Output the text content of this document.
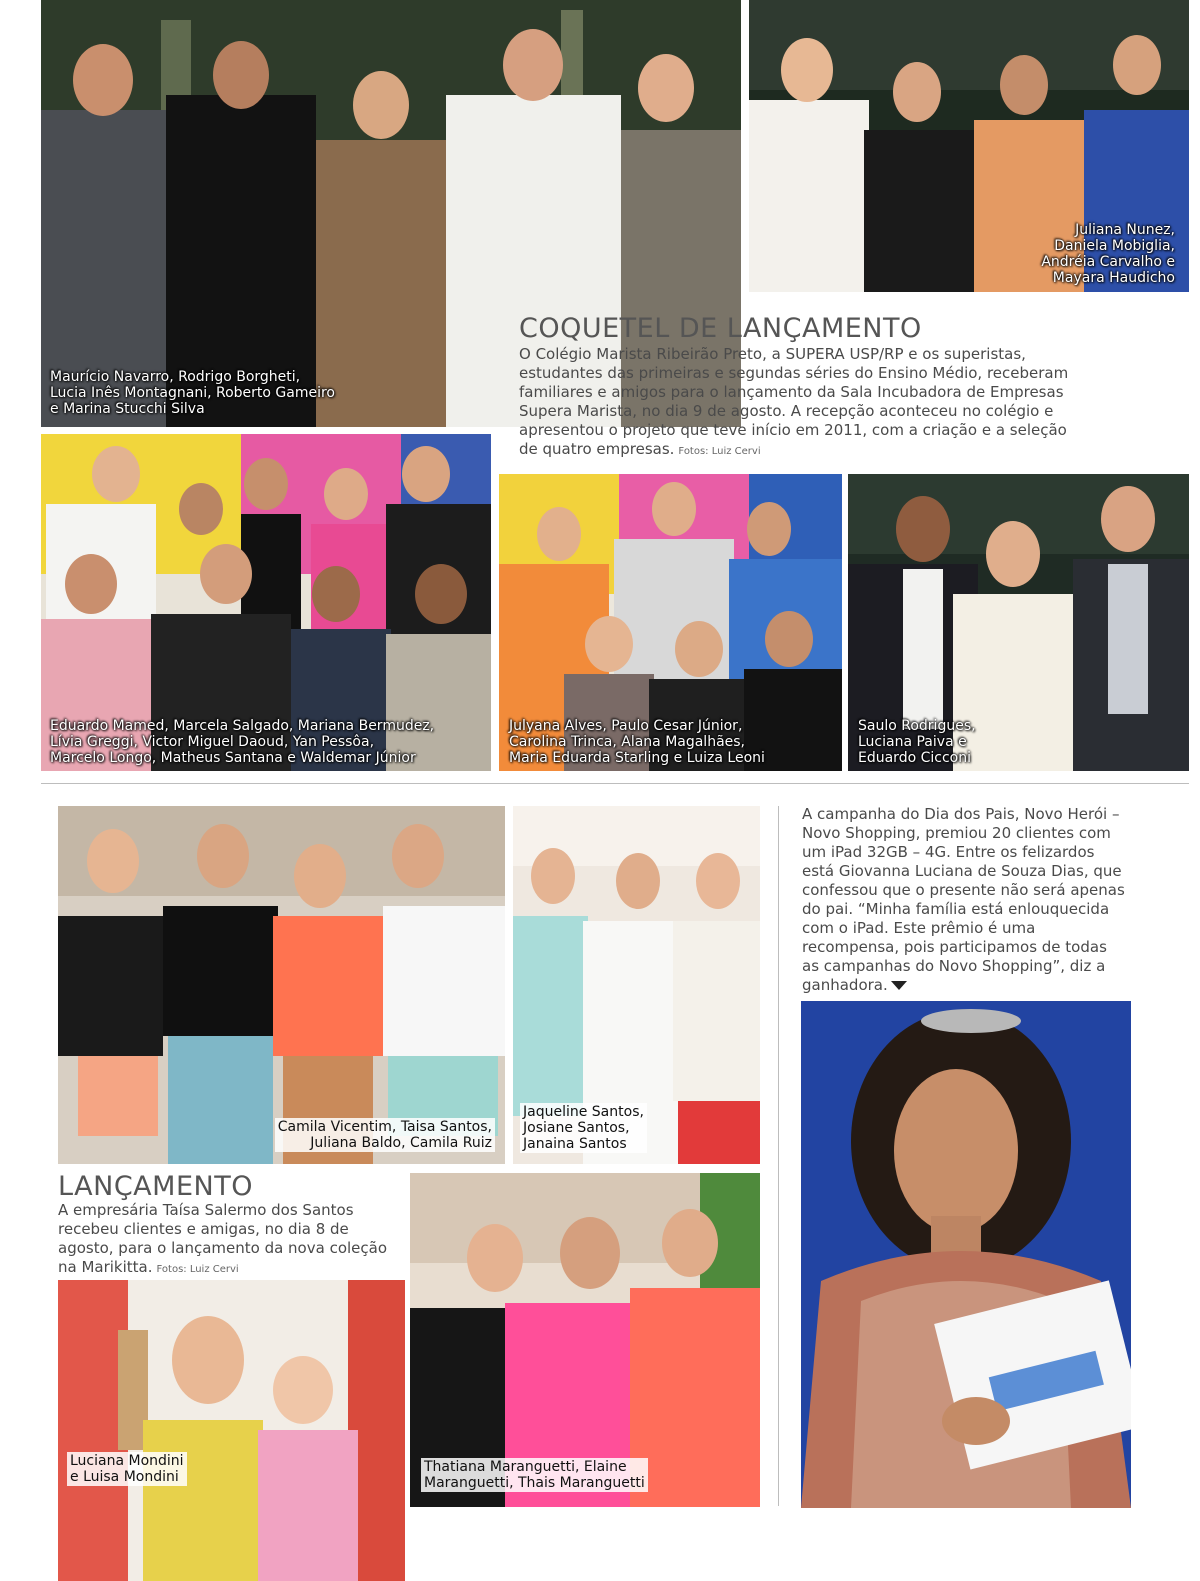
Maurício Navarro, Rodrigo Borgheti,
Lucia Inês Montagnani, Roberto Gameiro
e Marina Stucchi Silva
Juliana Nunez,
Daniela Mobiglia,
Andréia Carvalho e
Mayara Haudicho
COQUETEL DE LANÇAMENTO

O Colégio Marista Ribeirão Preto, a SUPERA USP/RP e os superistas, estudantes das primeiras e segundas séries do Ensino Médio, receberam familiares e amigos para o lançamento da Sala Incubadora de Empresas Supera Marista, no dia 9 de agosto. A recepção aconteceu no colégio e apresentou o projeto que teve início em 2011, com a criação e a seleção de quatro empresas. Fotos: Luiz Cervi

Eduardo Mamed, Marcela Salgado, Mariana Bermudez,
Lívia Greggi, Victor Miguel Daoud, Yan Pessôa,
Marcelo Longo, Matheus Santana e Waldemar Júnior
Julyana Alves, Paulo Cesar Júnior,
Carolina Trinca, Alana Magalhães,
Maria Eduarda Starling e Luiza Leoni
Saulo Rodrigues,
Luciana Paiva e
Eduardo Cicconi
Camila Vicentim, Taisa Santos,
Juliana Baldo, Camila Ruiz
Jaqueline Santos,
Josiane Santos,
Janaina Santos
LANÇAMENTO

A empresária Taísa Salermo dos Santos recebeu clientes e amigas, no dia 8 de agosto, para o lançamento da nova coleção na Marikitta. Fotos: Luiz Cervi

Luciana Mondini
e Luisa Mondini
Thatiana Maranguetti, Elaine
Maranguetti, Thais Maranguetti

A campanha do Dia dos Pais, Novo Herói – Novo Shopping, premiou 20 clientes com um iPad 32GB – 4G. Entre os felizardos está Giovanna Luciana de Souza Dias, que confessou que o presente não será apenas do pai. “Minha família está enlouquecida com o iPad. Este prêmio é uma recompensa, pois participamos de todas as campanhas do Novo Shopping”, diz a ganhadora.
